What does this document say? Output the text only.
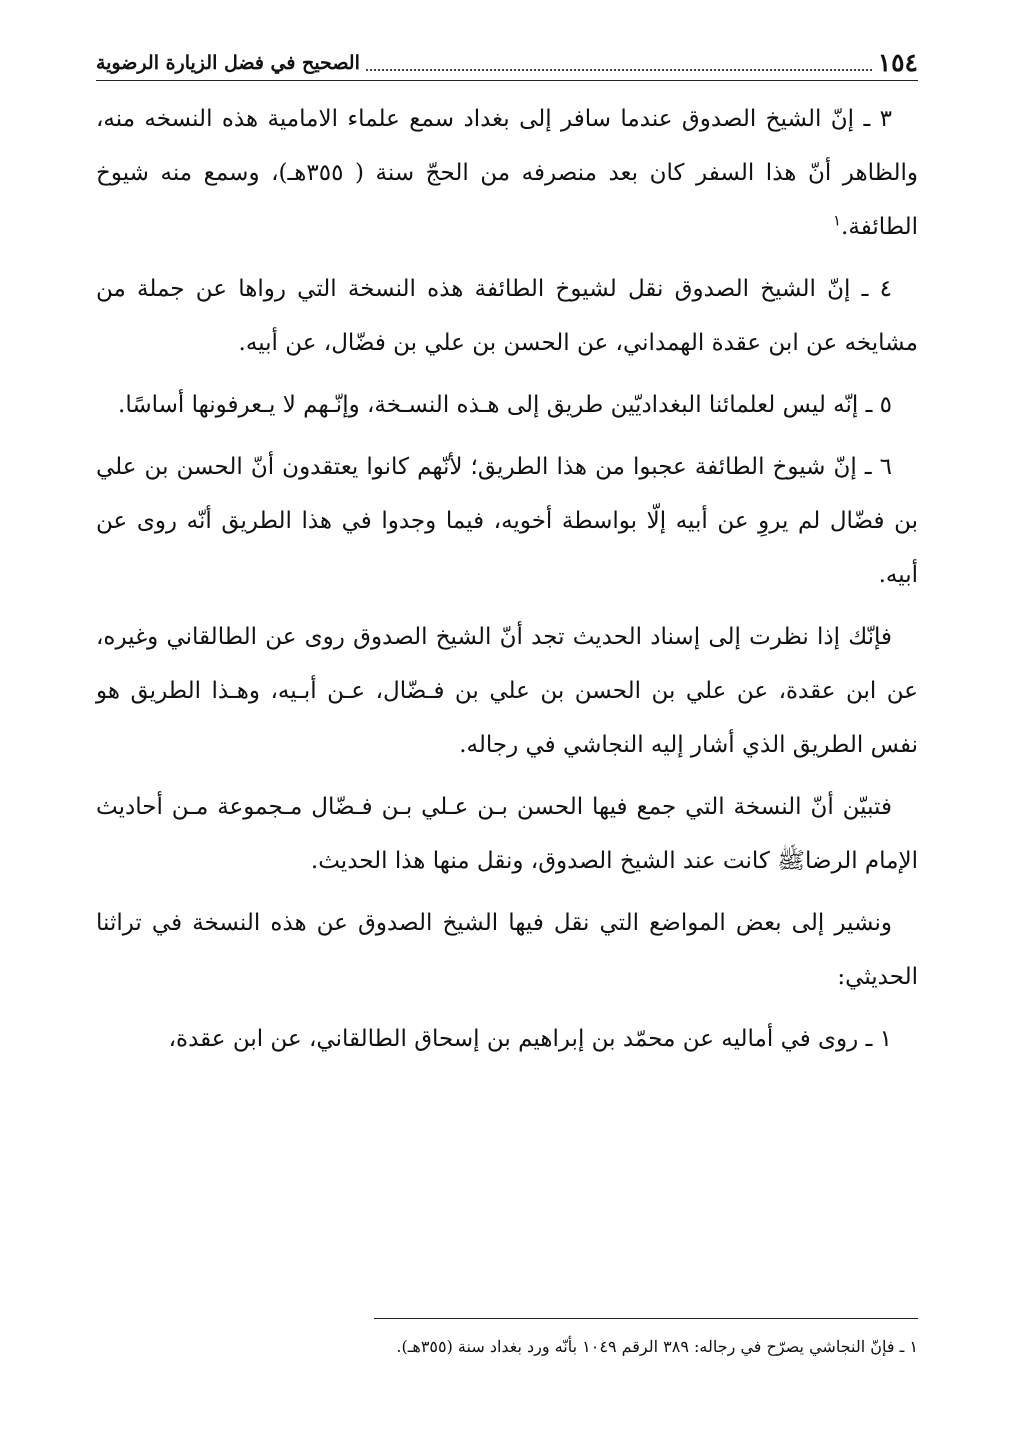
١٥٤
الصحيح في فضل الزيارة الرضوية

٣ ـ إنّ الشيخ الصدوق عندما سافر إلى بغداد سمع علماء الامامية هذه النسخه منه، والظاهر أنّ هذا السفر كان بعد منصرفه من الحجّ سنة ( ٣٥٥هـ)، وسمع منه شيوخ الطائفة.$^١$

٤ ـ إنّ الشيخ الصدوق نقل لشيوخ الطائفة هذه النسخة التي رواها عن جملة من مشايخه عن ابن عقدة الهمداني، عن الحسن بن علي بن فضّال، عن أبيه.

٥ ـ إنّه ليس لعلمائنا البغداديّين طريق إلى هـذه النسـخة، وإنّـهم لا يـعرفونها أساسًا.

٦ ـ إنّ شيوخ الطائفة عجبوا من هذا الطريق؛ لأنّهم كانوا يعتقدون أنّ الحسن بن علي بن فضّال لم يروِ عن أبيه إلّا بواسطة أخويه، فيما وجدوا في هذا الطريق أنّه روى عن أبيه.

فإنّك إذا نظرت إلى إسناد الحديث تجد أنّ الشيخ الصدوق روى عن الطالقاني وغيره، عن ابن عقدة، عن علي بن الحسن بن علي بن فـضّال، عـن أبـيه، وهـذا الطريق هو نفس الطريق الذي أشار إليه النجاشي في رجاله.

فتبيّن أنّ النسخة التي جمع فيها الحسن بـن عـلي بـن فـضّال مـجموعة مـن أحاديث الإمام الرضاﷺ كانت عند الشيخ الصدوق، ونقل منها هذا الحديث.

ونشير إلى بعض المواضع التي نقل فيها الشيخ الصدوق عن هذه النسخة في تراثنا الحديثي:

١ ـ روى في أماليه عن محمّد بن إبراهيم بن إسحاق الطالقاني، عن ابن عقدة،

١ ـ فإنّ النجاشي يصرّح في رجاله: ٣٨٩ الرقم ١٠٤٩ بأنّه ورد بغداد سنة (٣٥٥هـ).
